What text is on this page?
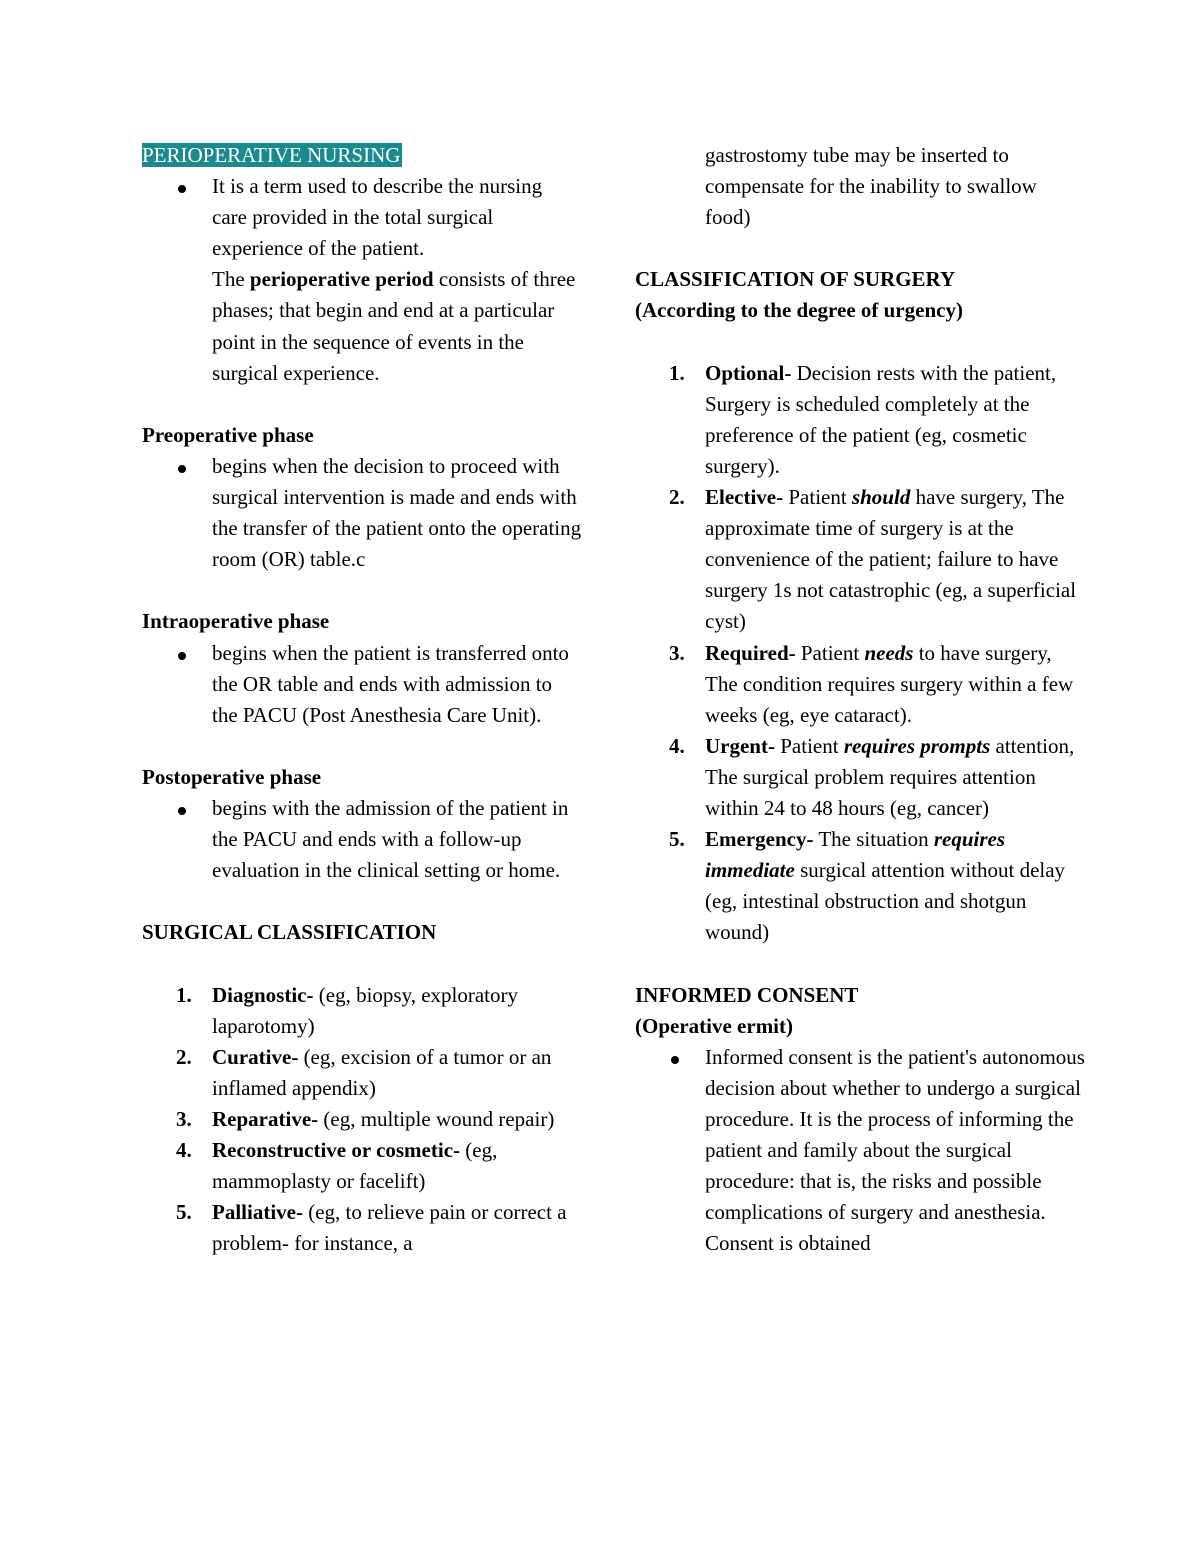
PERIOPERATIVE NURSING

It is a term used to describe the nursing care provided in the total surgical experience of the patient.
The perioperative period consists of three phases; that begin and end at a particular point in the sequence of events in the surgical experience.

Preoperative phase

begins when the decision to proceed with surgical intervention is made and ends with the transfer of the patient onto the operating room (OR) table.c

Intraoperative phase

begins when the patient is transferred onto the OR table and ends with admission to the PACU (Post Anesthesia Care Unit).

Postoperative phase

begins with the admission of the patient in the PACU and ends with a follow-up evaluation in the clinical setting or home.

SURGICAL CLASSIFICATION

1. Diagnostic- (eg, biopsy, exploratory laparotomy)
2. Curative- (eg, excision of a tumor or an inflamed appendix)
3. Reparative- (eg, multiple wound repair)
4. Reconstructive or cosmetic- (eg, mammoplasty or facelift)
5. Palliative- (eg, to relieve pain or correct a problem- for instance, a

gastrostomy tube may be inserted to compensate for the inability to swallow food)

CLASSIFICATION OF SURGERY

(According to the degree of urgency)

1. Optional- Decision rests with the patient, Surgery is scheduled completely at the preference of the patient (eg, cosmetic surgery).
2. Elective- Patient should have surgery, The approximate time of surgery is at the convenience of the patient; failure to have surgery 1s not catastrophic (eg, a superficial cyst)
3. Required- Patient needs to have surgery, The condition requires surgery within a few weeks (eg, eye cataract).
4. Urgent- Patient requires prompts attention, The surgical problem requires attention within 24 to 48 hours (eg, cancer)
5. Emergency- The situation requires immediate surgical attention without delay (eg, intestinal obstruction and shotgun wound)

INFORMED CONSENT

(Operative ermit)

Informed consent is the patient's autonomous decision about whether to undergo a surgical procedure. It is the process of informing the patient and family about the surgical procedure: that is, the risks and possible complications of surgery and anesthesia. Consent is obtained
